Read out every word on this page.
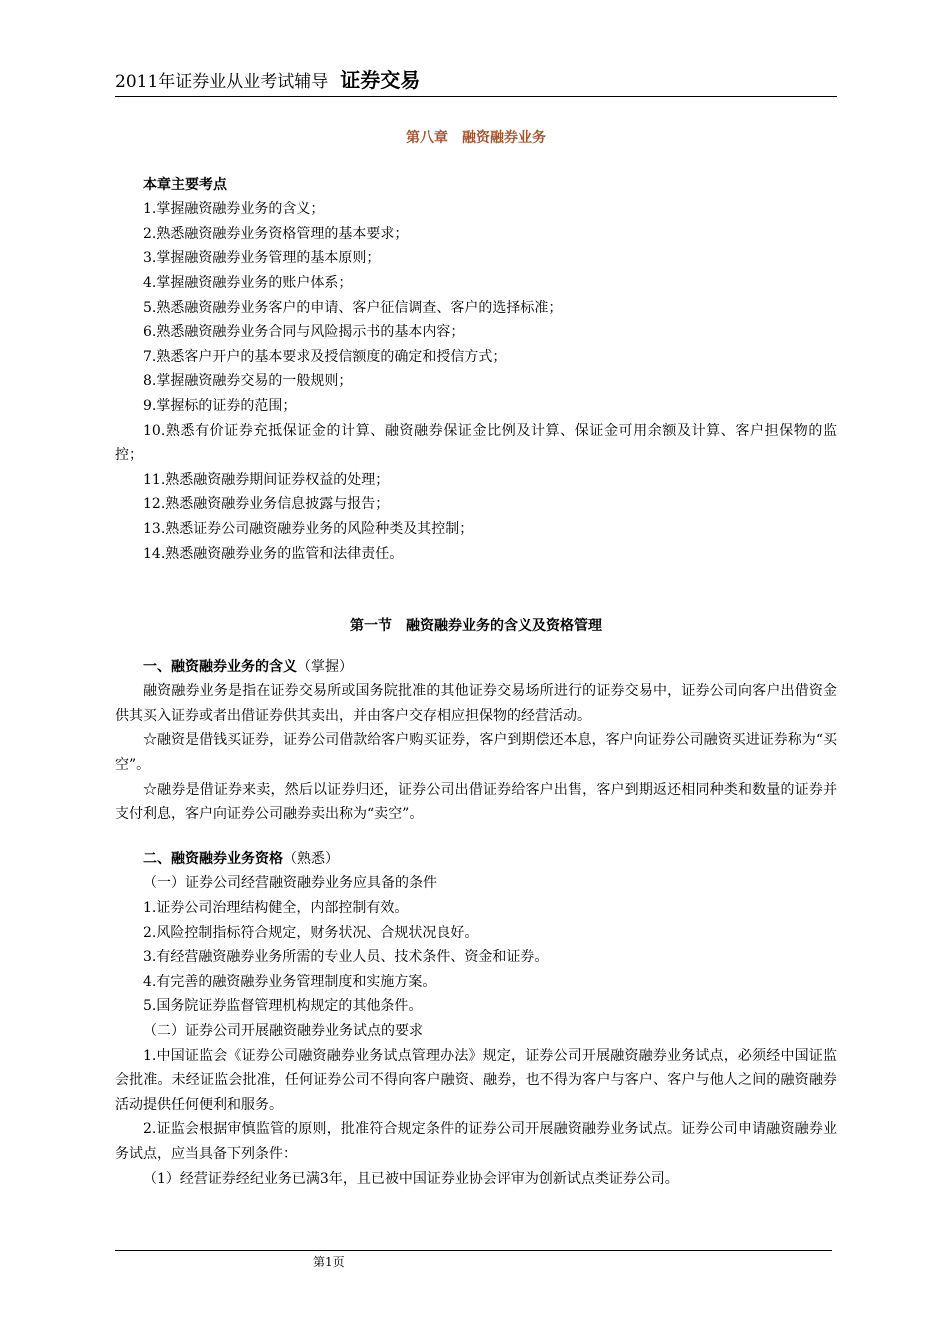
2011年证券业从业考试辅导 证券交易
第八章　融资融券业务
本章主要考点
1.掌握融资融券业务的含义；
2.熟悉融资融券业务资格管理的基本要求；
3.掌握融资融券业务管理的基本原则；
4.掌握融资融券业务的账户体系；
5.熟悉融资融券业务客户的申请、客户征信调查、客户的选择标准；
6.熟悉融资融券业务合同与风险揭示书的基本内容；
7.熟悉客户开户的基本要求及授信额度的确定和授信方式；
8.掌握融资融券交易的一般规则；
9.掌握标的证券的范围；
10.熟悉有价证券充抵保证金的计算、融资融券保证金比例及计算、保证金可用余额及计算、客户担保物的监控；
11.熟悉融资融券期间证券权益的处理；
12.熟悉融资融券业务信息披露与报告；
13.熟悉证券公司融资融券业务的风险种类及其控制；
14.熟悉融资融券业务的监管和法律责任。
第一节　融资融券业务的含义及资格管理
一、融资融券业务的含义（掌握）
融资融券业务是指在证券交易所或国务院批准的其他证券交易场所进行的证券交易中，证券公司向客户出借资金供其买入证券或者出借证券供其卖出，并由客户交存相应担保物的经营活动。
☆融资是借钱买证券，证券公司借款给客户购买证券，客户到期偿还本息，客户向证券公司融资买进证券称为“买空”。
☆融券是借证券来卖，然后以证券归还，证券公司出借证券给客户出售，客户到期返还相同种类和数量的证券并支付利息，客户向证券公司融券卖出称为“卖空”。
二、融资融券业务资格（熟悉）
（一）证券公司经营融资融券业务应具备的条件
1.证券公司治理结构健全，内部控制有效。
2.风险控制指标符合规定，财务状况、合规状况良好。
3.有经营融资融券业务所需的专业人员、技术条件、资金和证券。
4.有完善的融资融券业务管理制度和实施方案。
5.国务院证券监督管理机构规定的其他条件。
（二）证券公司开展融资融券业务试点的要求
1.中国证监会《证券公司融资融券业务试点管理办法》规定，证券公司开展融资融券业务试点，必须经中国证监会批准。未经证监会批准，任何证券公司不得向客户融资、融券，也不得为客户与客户、客户与他人之间的融资融券活动提供任何便利和服务。
2.证监会根据审慎监管的原则，批准符合规定条件的证券公司开展融资融券业务试点。证券公司申请融资融券业务试点，应当具备下列条件：
（1）经营证券经纪业务已满3年，且已被中国证券业协会评审为创新试点类证券公司。
第1页
